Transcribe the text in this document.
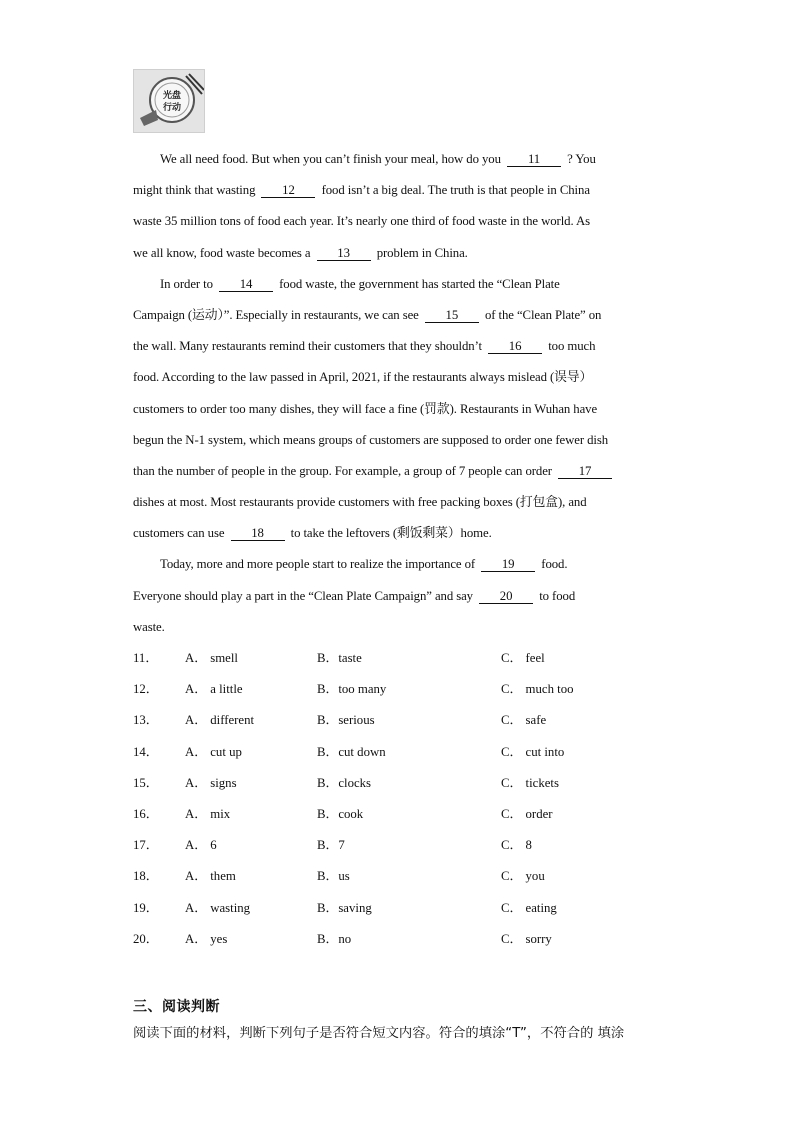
光盘
行动
We all need food. But when you can’t finish your meal, how do you 11 ? You
might think that wasting 12 food isn’t a big deal. The truth is that people in China
waste 35 million tons of food each year. It’s nearly one third of food waste in the world. As
we all know, food waste becomes a 13 problem in China.
In order to 14 food waste, the government has started the “Clean Plate
Campaign (运动）”. Especially in restaurants, we can see 15 of the “Clean Plate” on
the wall. Many restaurants remind their customers that they shouldn’t 16 too much
food. According to the law passed in April, 2021, if the restaurants always mislead (误导）
customers to order too many dishes, they will face a fine (罚款). Restaurants in Wuhan have
begun the N-1 system, which means groups of customers are supposed to order one fewer dish
than the number of people in the group. For example, a group of 7 people can order 17
dishes at most. Most restaurants provide customers with free packing boxes (打包盒), and
customers can use 18 to take the leftovers (剩饭剩菜）home.
Today, more and more people start to realize the importance of 19 food.
Everyone should play a part in the “Clean Plate Campaign” and say 20 to food
waste.
11． A． smell	B．taste	C． feel
12． A． a little	B．too many	C． much too
13． A． different	B．serious	C． safe
14． A． cut up	B．cut down	C． cut into
15． A． signs	B．clocks	C． tickets
16． A． mix	B．cook	C． order
17． A． 6	B．7	C． 8
18． A． them	B．us	C． you
19． A． wasting	B．saving	C． eating
20． A． yes	B．no	C． sorry
三、阅读判断
阅读下面的材料，判断下列句子是否符合短文内容。符合的填涂“T”，不符合的 填涂
